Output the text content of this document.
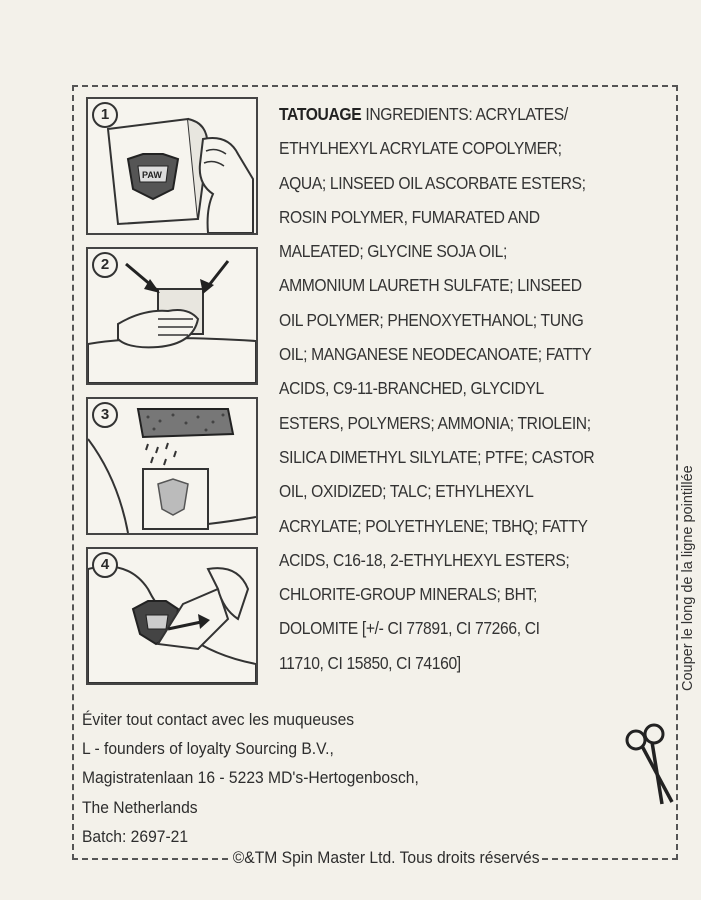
1
PAW
2
3
4
TATOUAGE INGREDIENTS: ACRYLATES/
ETHYLHEXYL ACRYLATE COPOLYMER;
AQUA; LINSEED OIL ASCORBATE ESTERS;
ROSIN POLYMER, FUMARATED AND
MALEATED; GLYCINE SOJA OIL;
AMMONIUM LAURETH SULFATE; LINSEED
OIL POLYMER; PHENOXYETHANOL; TUNG
OIL; MANGANESE NEODECANOATE; FATTY
ACIDS, C9-11-BRANCHED, GLYCIDYL
ESTERS, POLYMERS; AMMONIA; TRIOLEIN;
SILICA DIMETHYL SILYLATE; PTFE; CASTOR
OIL, OXIDIZED; TALC; ETHYLHEXYL
ACRYLATE; POLYETHYLENE; TBHQ; FATTY
ACIDS, C16-18, 2-ETHYLHEXYL ESTERS;
CHLORITE-GROUP MINERALS; BHT;
DOLOMITE [+/- CI 77891, CI 77266, CI
11710, CI 15850, CI 74160]
Éviter tout contact avec les muqueuses
L - founders of loyalty Sourcing B.V.,
Magistratenlaan 16 - 5223 MD's-Hertogenbosch,
The Netherlands
Batch: 2697-21
©&TM Spin Master Ltd. Tous droits réservés
Couper le long de la ligne pointillée
